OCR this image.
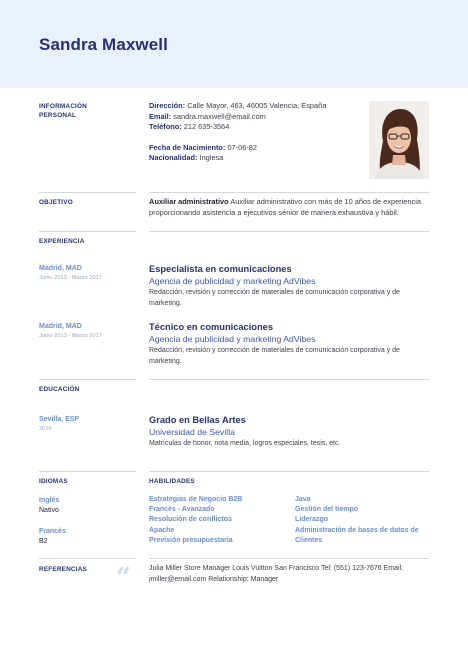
Sandra Maxwell
INFORMACIÓN PERSONAL
Dirección: Calle Mayor, 463, 46005 Valencia, España
Email: sandra.maxwell@email.com
Teléfono: 212 635-3564
Fecha de Nacimiento: 07-06-82
Nacionalidad: Inglesa
OBJETIVO	Auxiliar administrativo Auxiliar administrativo con más de 10 años de experiencia proporcionando asistencia a ejecutivos sénior de manera exhaustiva y hábil.
EXPERIENCIA
Madrid, MAD
Junio 2013 - Marzo 2017
Especialista en comunicaciones
Agencia de publicidad y marketing AdVibes
Redacción, revisión y corrección de materiales de comunicación corporativa y de marketing.
Madrid, MAD
Junio 2013 - Marzo 2017
Técnico en comunicaciones
Agencia de publicidad y marketing AdVibes
Redacción, revisión y corrección de materiales de comunicación corporativa y de marketing.
EDUCACIÓN
Sevilla, ESP
2010
Grado en Bellas Artes
Universidad de Sevilla
Matrículas de honor, nota media, logros especiales, tesis, etc.
IDIOMAS
Inglés
Nativo
Francés
B2
HABILIDADES
Estrategias de Negocio B2B
Francés - Avanzado
Resolución de conflictos
Apache
Previsión presupuestaria
Java
Gestión del tiempo
Liderazgo
Administración de bases de datos de Clientes
REFERENCIAS “	Julia Miller Store Manager Louis Vuitton San Francisco Tel: (551) 123-7676 Email: jmiller@email.com Relationship: Manager
